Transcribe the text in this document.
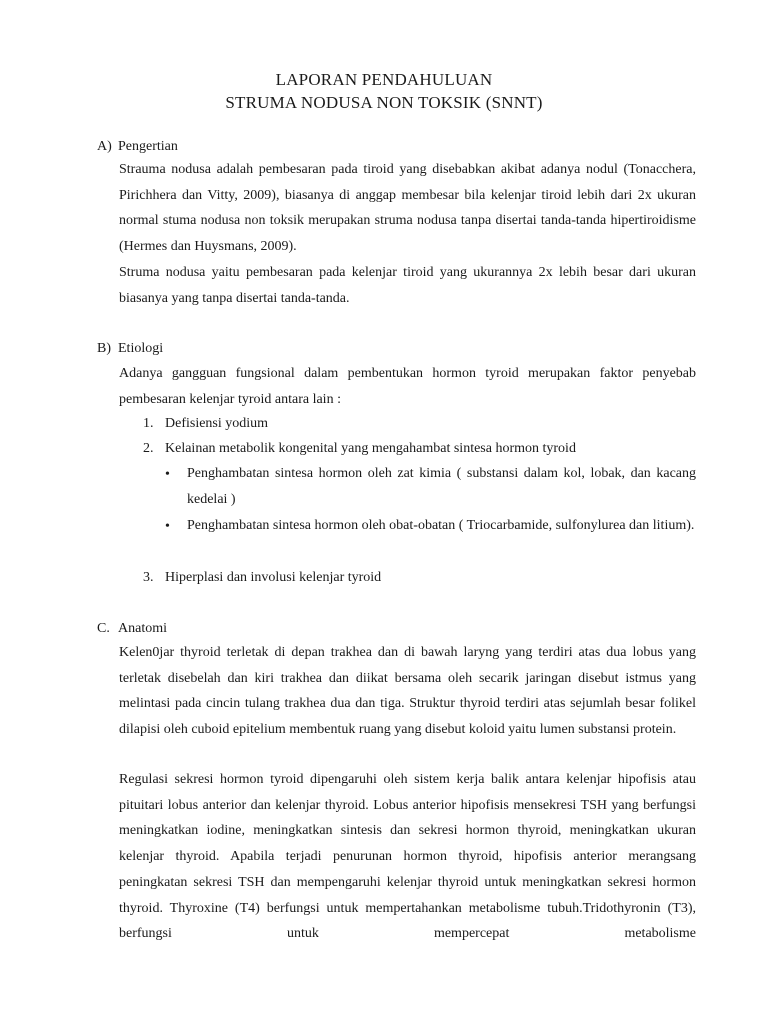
LAPORAN PENDAHULUAN
STRUMA NODUSA NON TOKSIK (SNNT)
A) Pengertian

Strauma nodusa adalah pembesaran pada tiroid yang disebabkan akibat adanya nodul (Tonacchera, Pirichhera dan Vitty, 2009), biasanya di anggap membesar bila kelenjar tiroid lebih dari 2x ukuran normal stuma nodusa non toksik merupakan struma nodusa tanpa disertai tanda-tanda hipertiroidisme (Hermes dan Huysmans, 2009).

Struma nodusa yaitu pembesaran pada kelenjar tiroid yang ukurannya 2x lebih besar dari ukuran biasanya yang tanpa disertai tanda-tanda.

B) Etiologi

Adanya gangguan fungsional dalam pembentukan hormon tyroid merupakan faktor penyebab pembesaran kelenjar tyroid antara lain :

1. Defisiensi yodium
2. Kelainan metabolik kongenital yang mengahambat sintesa hormon tyroid
• Penghambatan sintesa hormon oleh zat kimia ( substansi dalam kol, lobak, dan kacang kedelai )
• Penghambatan sintesa hormon oleh obat-obatan ( Triocarbamide, sulfonylurea dan litium).
3. Hiperplasi dan involusi kelenjar tyroid
C. Anatomi

Kelen0jar thyroid terletak di depan trakhea dan di bawah laryng yang terdiri atas dua lobus yang terletak disebelah dan kiri trakhea dan diikat bersama oleh secarik jaringan disebut istmus yang melintasi pada cincin tulang trakhea dua dan tiga. Struktur thyroid terdiri atas sejumlah besar folikel dilapisi oleh cuboid epitelium membentuk ruang yang disebut koloid yaitu lumen substansi protein.

Regulasi sekresi hormon tyroid dipengaruhi oleh sistem kerja balik antara kelenjar hipofisis atau pituitari lobus anterior dan kelenjar thyroid. Lobus anterior hipofisis mensekresi TSH yang berfungsi meningkatkan iodine, meningkatkan sintesis dan sekresi hormon thyroid, meningkatkan ukuran kelenjar thyroid. Apabila terjadi penurunan hormon thyroid, hipofisis anterior merangsang peningkatan sekresi TSH dan mempengaruhi kelenjar thyroid untuk meningkatkan sekresi hormon thyroid. Thyroxine (T4) berfungsi untuk mempertahankan metabolisme tubuh.Tridothyronin (T3), berfungsi untuk mempercepat metabolisme
